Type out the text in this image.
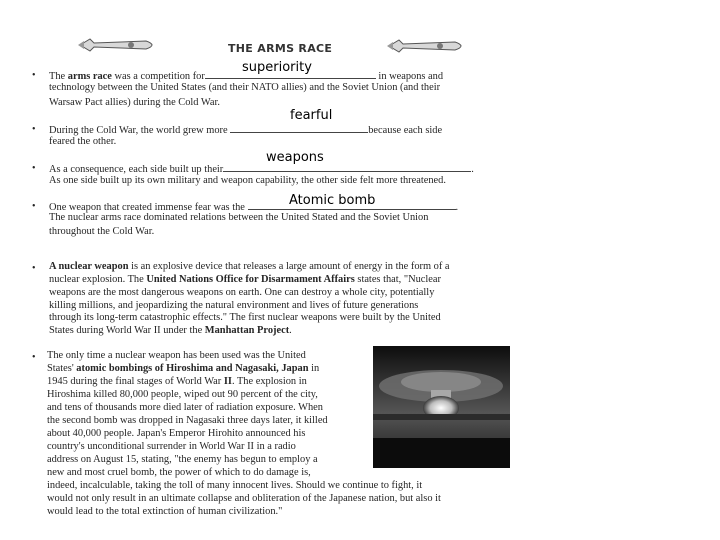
THE ARMS RACE
• The arms race was a competition for	in weapons and
technology between the United States (and their NATO allies) and the Soviet Union (and their
Warsaw Pact allies) during the Cold War.
superiority
• During the Cold War, the world grew more	because each side
feared the other.
fearful
• As a consequence, each side built up their	.
As one side built up its own military and weapon capability, the other side felt more threatened.
weapons
• One weapon that created immense fear was the	.
The nuclear arms race dominated relations between the United Stated and the Soviet Union
throughout the Cold War.
Atomic bomb
• A nuclear weapon is an explosive device that releases a large amount of energy in the form of a
nuclear explosion. The United Nations Office for Disarmament Affairs states that, "Nuclear
weapons are the most dangerous weapons on earth. One can destroy a whole city, potentially
killing millions, and jeopardizing the natural environment and lives of future generations
through its long-term catastrophic effects." The first nuclear weapons were built by the United
States during World War II under the Manhattan Project.
• The only time a nuclear weapon has been used was the United
States' atomic bombings of Hiroshima and Nagasaki, Japan in
1945 during the final stages of World War II. The explosion in
Hiroshima killed 80,000 people, wiped out 90 percent of the city,
and tens of thousands more died later of radiation exposure. When
the second bomb was dropped in Nagasaki three days later, it killed
about 40,000 people. Japan's Emperor Hirohito announced his
country's unconditional surrender in World War II in a radio
address on August 15, stating, "the enemy has begun to employ a
new and most cruel bomb, the power of which to do damage is,
indeed, incalculable, taking the toll of many innocent lives. Should we continue to fight, it
would not only result in an ultimate collapse and obliteration of the Japanese nation, but also it
would lead to the total extinction of human civilization."
